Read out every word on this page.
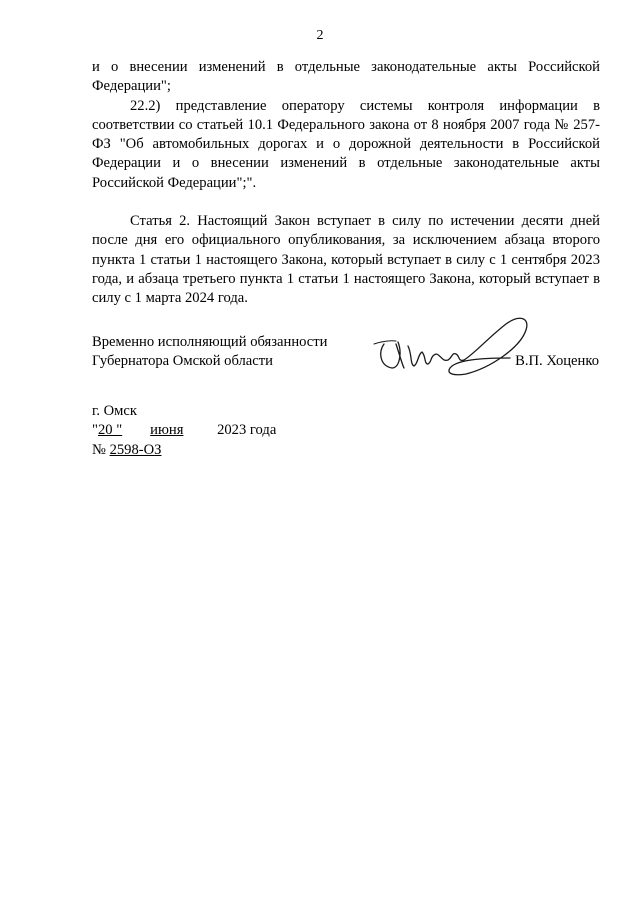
2

и о внесении изменений в отдельные законодательные акты Российской Федерации";

22.2) представление оператору системы контроля информации в соответствии со статьей 10.1 Федерального закона от 8 ноября 2007 года № 257-ФЗ "Об автомобильных дорогах и о дорожной деятельности в Российской Федерации и о внесении изменений в отдельные законодательные акты Российской Федерации";".

Статья 2. Настоящий Закон вступает в силу по истечении десяти дней после дня его официального опубликования, за исключением абзаца второго пункта 1 статьи 1 настоящего Закона, который вступает в силу с 1 сентября 2023 года, и абзаца третьего пункта 1 статьи 1 настоящего Закона, который вступает в силу с 1 марта 2024 года.

Временно исполняющий обязанности
Губернатора Омской области	В.П. Хоценко
г. Омск
"20 " июня 2023 года
№ 2598-ОЗ
